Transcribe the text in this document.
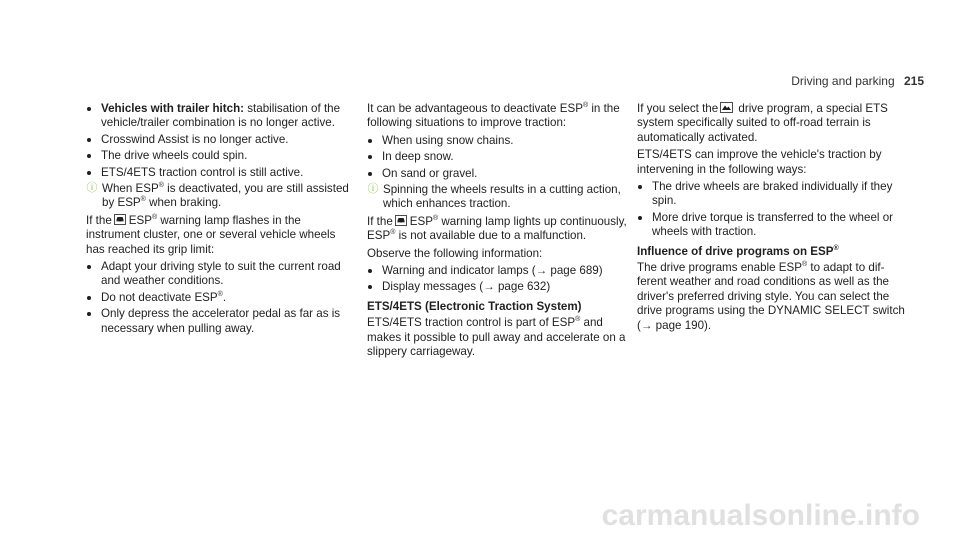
Driving and parking 215
Vehicles with trailer hitch: stabilisation of the vehicle/trailer combination is no longer active.
Crosswind Assist is no longer active.
The drive wheels could spin.
ETS/4ETS traction control is still active.
ⓘ
When ESP® is deactivated, you are still assisted by ESP® when braking.
If the ESP® warning lamp flashes in the instrument cluster, one or several vehicle wheels has reached its grip limit:
Adapt your driving style to suit the current road and weather conditions.
Do not deactivate ESP®.
Only depress the accelerator pedal as far as is necessary when pulling away.
It can be advantageous to deactivate ESP® in the following situations to improve traction:
When using snow chains.
In deep snow.
On sand or gravel.
ⓘ
Spinning the wheels results in a cutting action, which enhances traction.
If the ESP® warning lamp lights up continuously, ESP® is not available due to a malfunction.
Observe the following information:
Warning and indicator lamps (→ page 689)
Display messages (→ page 632)
ETS/4ETS (Electronic Traction System)
ETS/4ETS traction control is part of ESP® and makes it possible to pull away and accelerate on a slippery carriageway.
If you select the drive program, a special ETS system specifically suited to off-road terrain is automatically activated.
ETS/4ETS can improve the vehicle's traction by intervening in the following ways:
The drive wheels are braked individually if they spin.
More drive torque is transferred to the wheel or wheels with traction.
Influence of drive programs on ESP®
The drive programs enable ESP® to adapt to different weather and road conditions as well as the driver's preferred driving style. You can select the drive programs using the DYNAMIC SELECT switch (→ page 190).
carmanualsonline.info
